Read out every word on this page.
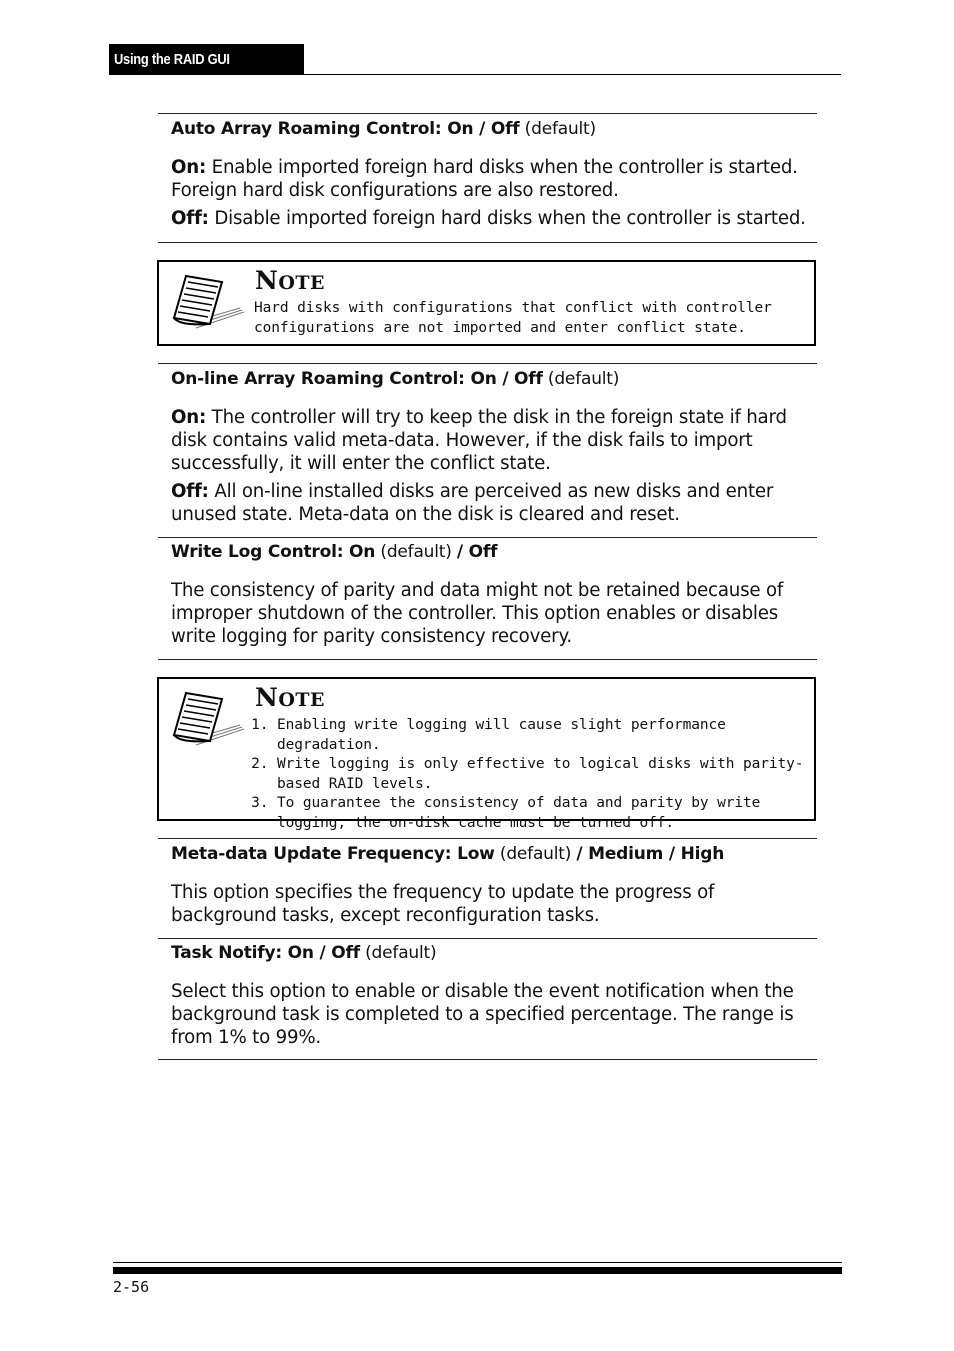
Using the RAID GUI
Auto Array Roaming Control: On / Off (default)
On: Enable imported foreign hard disks when the controller is started. Foreign hard disk configurations are also restored.
Off: Disable imported foreign hard disks when the controller is started.
NOTE
Hard disks with configurations that conflict with controller configurations are not imported and enter conflict state.
On-line Array Roaming Control: On / Off (default)
On: The controller will try to keep the disk in the foreign state if hard disk contains valid meta-data. However, if the disk fails to import successfully, it will enter the conflict state.
Off: All on-line installed disks are perceived as new disks and enter unused state. Meta-data on the disk is cleared and reset.
Write Log Control: On (default) / Off
The consistency of parity and data might not be retained because of improper shutdown of the controller. This option enables or disables write logging for parity consistency recovery.
NOTE
1. Enabling write logging will cause slight performance degradation.
2. Write logging is only effective to logical disks with parity-based RAID levels.
3. To guarantee the consistency of data and parity by write logging, the on-disk cache must be turned off.
Meta-data Update Frequency: Low (default) / Medium / High
This option specifies the frequency to update the progress of background tasks, except reconfiguration tasks.
Task Notify: On / Off (default)
Select this option to enable or disable the event notification when the background task is completed to a specified percentage. The range is from 1% to 99%.
2-56
